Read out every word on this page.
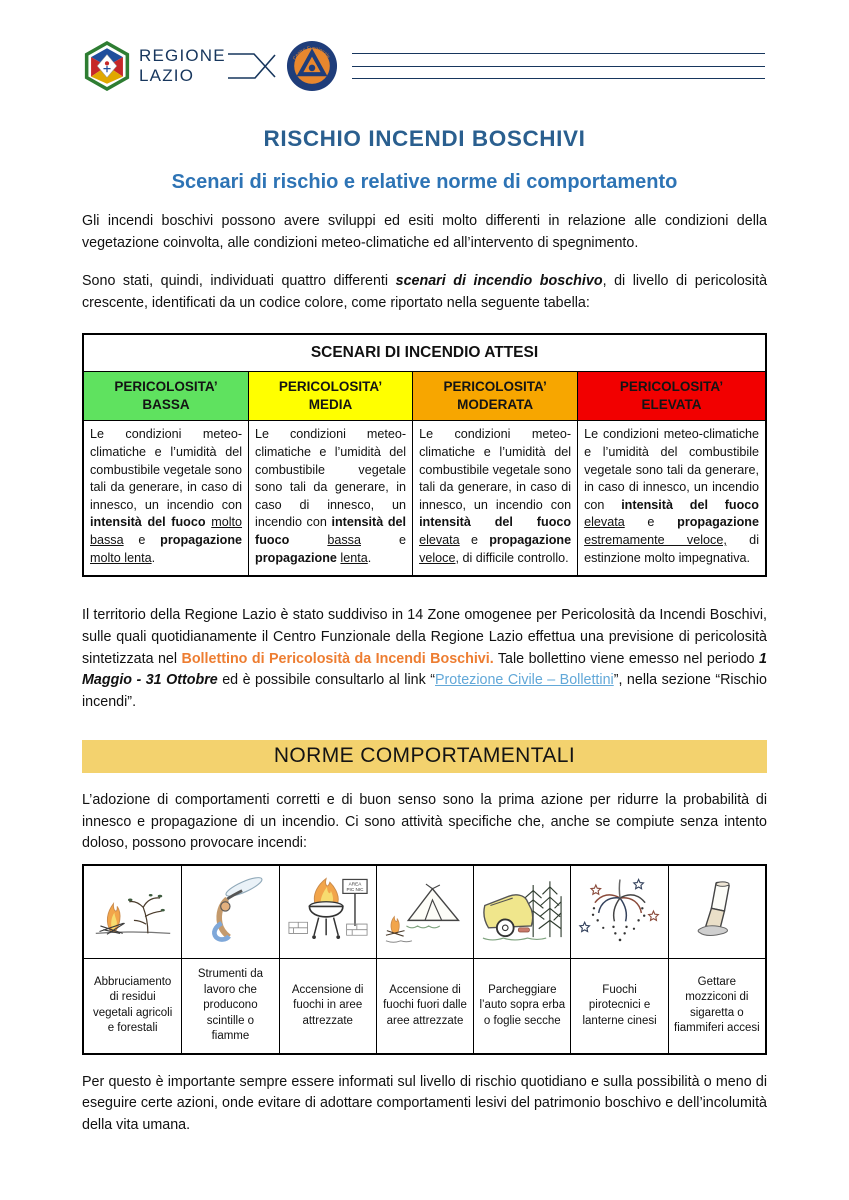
REGIONE
LAZIO
Centro Funzionale
RISCHIO INCENDI BOSCHIVI
Scenari di rischio e relative norme di comportamento

Gli incendi boschivi possono avere sviluppi ed esiti molto differenti in relazione alle condizioni della vegetazione coinvolta, alle condizioni meteo-climatiche ed all’intervento di spegnimento.

Sono stati, quindi, individuati quattro differenti scenari di incendio boschivo, di livello di pericolosità crescente, identificati da un codice colore, come riportato nella seguente tabella:

SCENARI DI INCENDIO ATTESI
PERICOLOSITA’
BASSA
PERICOLOSITA’
MEDIA
PERICOLOSITA’
MODERATA
PERICOLOSITA’
ELEVATA
Le condizioni meteo-climatiche e l’umidità del combustibile vegetale sono tali da generare, in caso di innesco, un incendio con intensità del fuoco molto bassa e propagazione molto lenta.
Le condizioni meteo-climatiche e l’umidità del combustibile vegetale sono tali da generare, in caso di innesco, un incendio con intensità del fuoco	bassa e propagazione lenta.
Le condizioni meteo-climatiche e l’umidità del combustibile vegetale sono tali da generare, in caso di innesco, un incendio con intensità del fuoco elevata e propagazione veloce, di difficile controllo.
Le condizioni meteo-climatiche e l’umidità del combustibile vegetale sono tali da generare, in caso di innesco, un incendio con intensità del fuoco elevata e propagazione estremamente veloce, di estinzione molto impegnativa.

Il territorio della Regione Lazio è stato suddiviso in 14 Zone omogenee per Pericolosità da Incendi Boschivi, sulle quali quotidianamente il Centro Funzionale della Regione Lazio effettua una previsione di pericolosità sintetizzata nel Bollettino di Pericolosità da Incendi Boschivi. Tale bollettino viene emesso nel periodo 1 Maggio - 31 Ottobre ed è possibile consultarlo al link “Protezione Civile – Bollettini”, nella sezione “Rischio incendi”.

NORME COMPORTAMENTALI

L’adozione di comportamenti corretti e di buon senso sono la prima azione per ridurre la probabilità di innesco e propagazione di un incendio. Ci sono attività specifiche che, anche se compiute senza intento doloso, possono provocare incendi:

AREA
PIC NIC
Abbruciamento di residui vegetali agricoli e forestali
Strumenti da lavoro che producono scintille o fiamme
Accensione di fuochi in aree attrezzate
Accensione di fuochi fuori dalle aree attrezzate
Parcheggiare l’auto sopra erba o foglie secche
Fuochi pirotecnici e lanterne cinesi
Gettare mozziconi di sigaretta o fiammiferi accesi

Per questo è importante sempre essere informati sul livello di rischio quotidiano e sulla possibilità o meno di eseguire certe azioni, onde evitare di adottare comportamenti lesivi del patrimonio boschivo e dell’incolumità della vita umana.
